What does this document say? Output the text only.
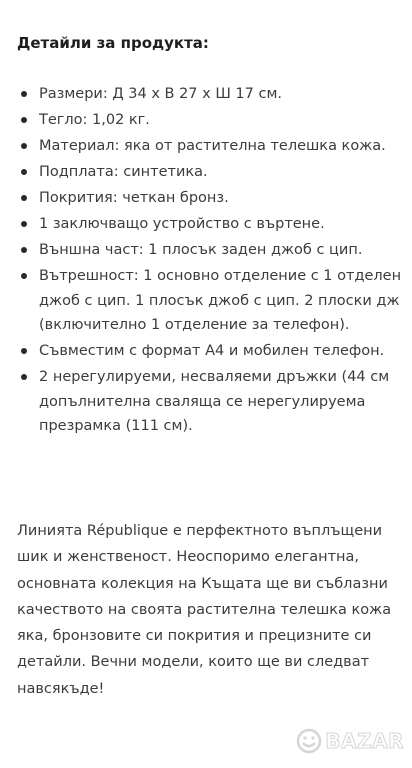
Детайли за продукта:
Размери: Д 34 x В 27 x Ш 17 см.
Тегло: 1,02 кг.
Материал: яка от растителна телешка кожа.
Подплата: синтетика.
Покрития: четкан бронз.
1 заключващо устройство с въртене.
Външна част: 1 плосък заден джоб с цип.
Вътрешност: 1 основно отделение с 1 отделен
джоб с цип. 1 плосък джоб с цип. 2 плоски дж
(включително 1 отделение за телефон).
Съвместим с формат А4 и мобилен телефон.
2 нерегулируеми, несваляеми дръжки (44 см
допълнителна сваляща се нерегулируема
презрамка (111 см).
Линията République е перфектното въплъщени
шик и женственост. Неоспоримо елегантна,
основната колекция на Къщата ще ви съблазни
качеството на своята растителна телешка кожа
яка, бронзовите си покрития и прецизните си
детайли. Вечни модели, които ще ви следват
навсякъде!
BAZAR
